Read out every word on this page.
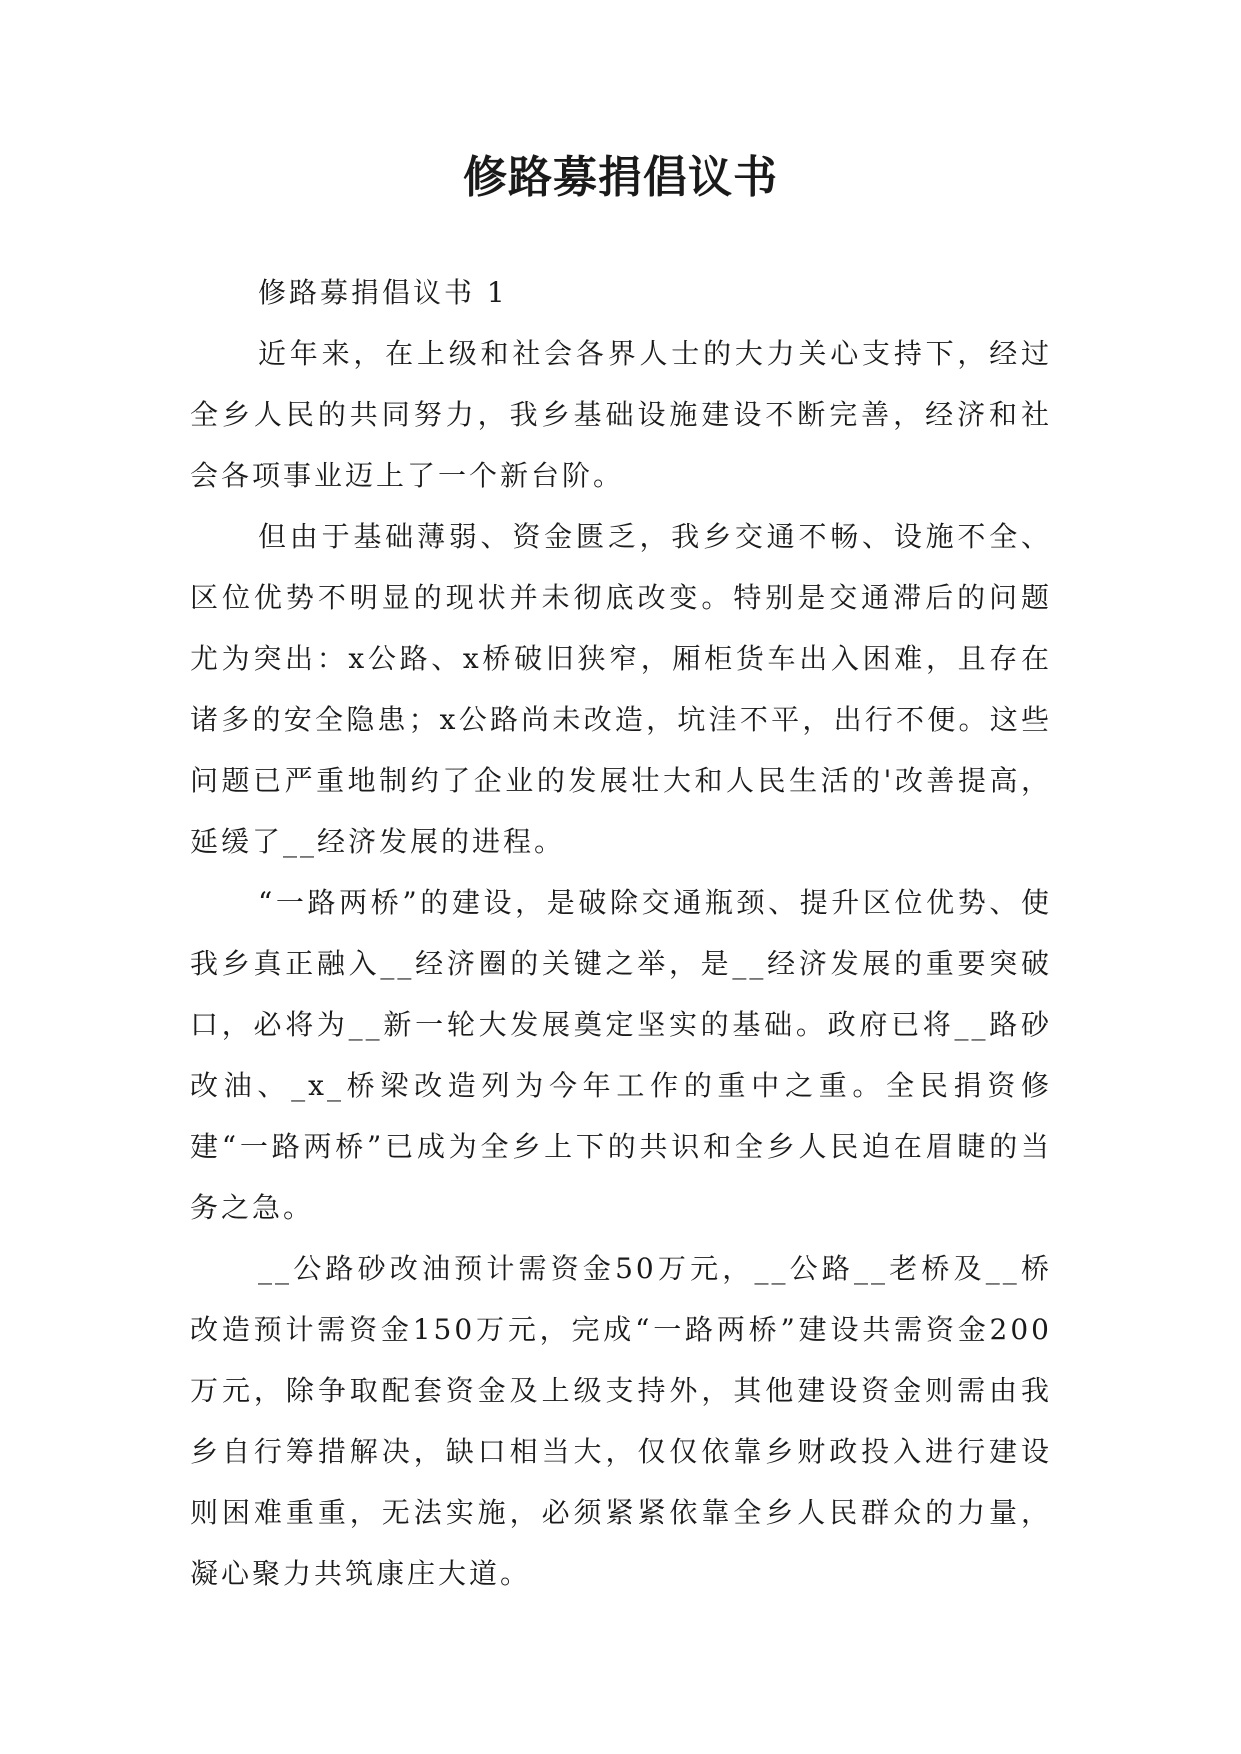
修路募捐倡议书

修路募捐倡议书 1

近年来，在上级和社会各界人士的大力关心支持下，经过全乡人民的共同努力，我乡基础设施建设不断完善，经济和社会各项事业迈上了一个新台阶。

但由于基础薄弱、资金匮乏，我乡交通不畅、设施不全、区位优势不明显的现状并未彻底改变。特别是交通滞后的问题尤为突出：x公路、x桥破旧狭窄，厢柜货车出入困难，且存在诸多的安全隐患；x公路尚未改造，坑洼不平，出行不便。这些问题已严重地制约了企业的发展壮大和人民生活的'改善提高，延缓了__经济发展的进程。

“一路两桥”的建设，是破除交通瓶颈、提升区位优势、使我乡真正融入__经济圈的关键之举，是__经济发展的重要突破口，必将为__新一轮大发展奠定坚实的基础。政府已将__路砂改油、_x_桥梁改造列为今年工作的重中之重。全民捐资修建“一路两桥”已成为全乡上下的共识和全乡人民迫在眉睫的当务之急。

__公路砂改油预计需资金50万元，__公路__老桥及__桥改造预计需资金150万元，完成“一路两桥”建设共需资金200万元，除争取配套资金及上级支持外，其他建设资金则需由我乡自行筹措解决，缺口相当大，仅仅依靠乡财政投入进行建设则困难重重，无法实施，必须紧紧依靠全乡人民群众的力量，凝心聚力共筑康庄大道。
